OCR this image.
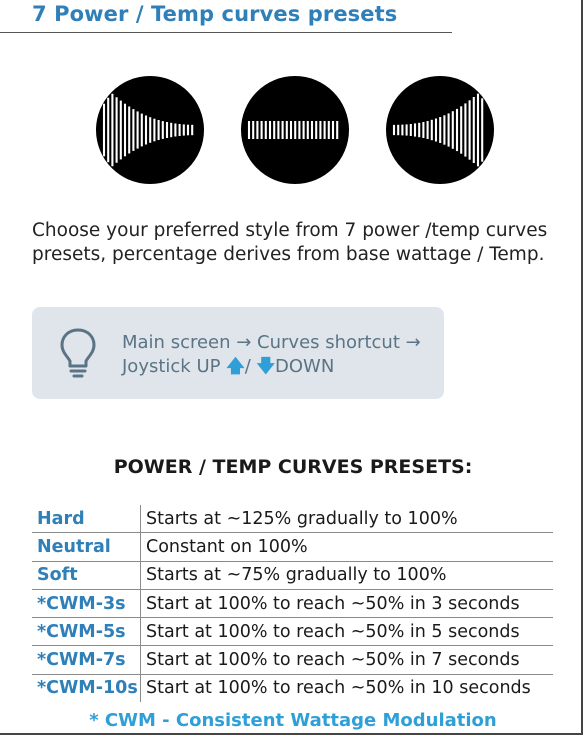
7 Power / Temp curves presets

Choose your preferred style from 7 power /temp curves presets, percentage derives from base wattage / Temp.

Main screen → Curves shortcut →
Joystick UP 🡅/ 🡇DOWN
POWER / TEMP CURVES PRESETS:
Hard	Starts at ~125% gradually to 100%
Neutral	Constant on 100%
Soft	Starts at ~75% gradually to 100%
*CWM-3s	Start at 100% to reach ~50% in 3 seconds
*CWM-5s	Start at 100% to reach ~50% in 5 seconds
*CWM-7s	Start at 100% to reach ~50% in 7 seconds
*CWM-10s	Start at 100% to reach ~50% in 10 seconds

* CWM - Consistent Wattage Modulation
